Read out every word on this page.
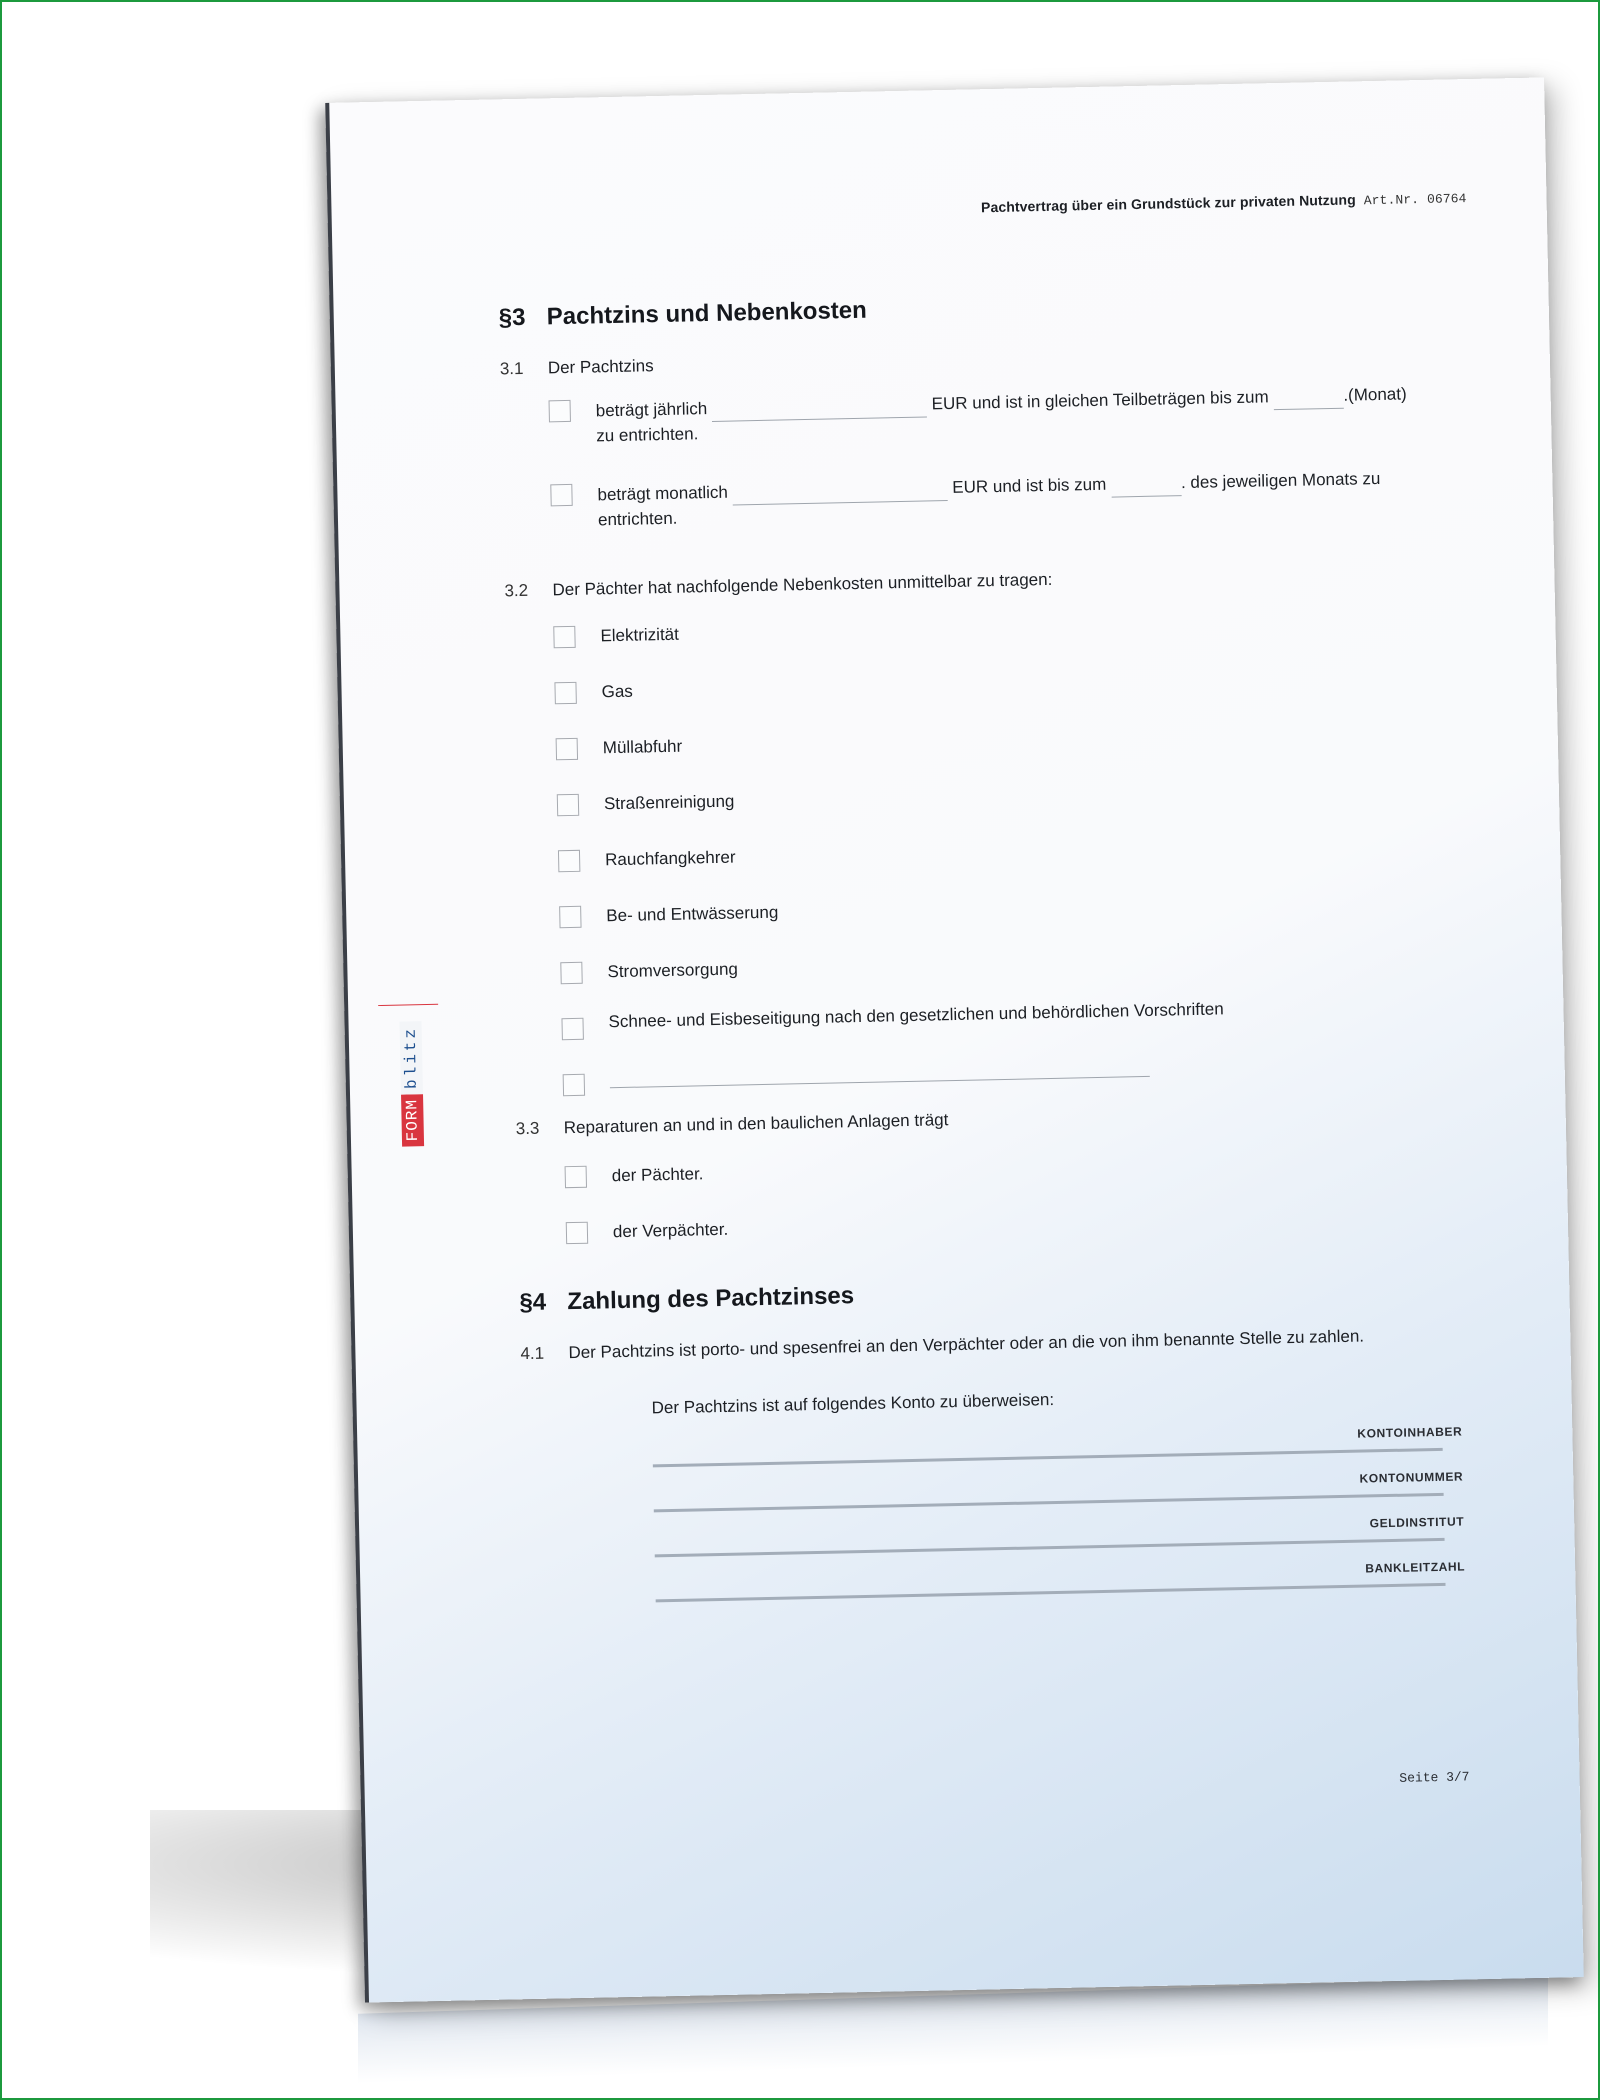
Pachtvertrag über ein Grundstück zur privaten Nutzung Art.Nr. 06764
§3 Pachtzins und Nebenkosten
3.1 Der Pachtzins
beträgt jährlich	EUR und ist in gleichen Teilbeträgen bis zum	.(Monat)
zu entrichten.
beträgt monatlich	EUR und ist bis zum	. des jeweiligen Monats zu
entrichten.
3.2 Der Pächter hat nachfolgende Nebenkosten unmittelbar zu tragen:
Elektrizität
Gas
Müllabfuhr
Straßenreinigung
Rauchfangkehrer
Be- und Entwässerung
Stromversorgung
Schnee- und Eisbeseitigung nach den gesetzlichen und behördlichen Vorschriften
3.3 Reparaturen an und in den baulichen Anlagen trägt
der Pächter.
der Verpächter.
§4 Zahlung des Pachtzinses
4.1 Der Pachtzins ist porto- und spesenfrei an den Verpächter oder an die von ihm benannte Stelle zu zahlen.
Der Pachtzins ist auf folgendes Konto zu überweisen:
KONTOINHABER
KONTONUMMER
GELDINSTITUT
BANKLEITZAHL
Seite 3/7
FORM
blitz
